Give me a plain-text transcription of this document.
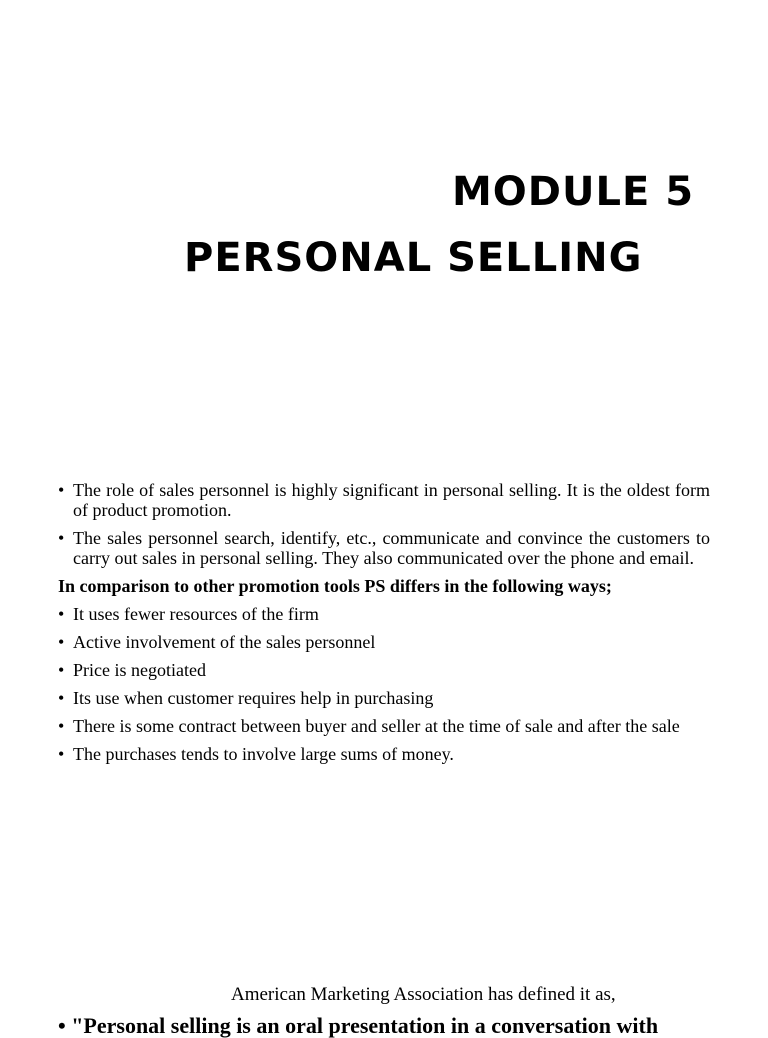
MODULE 5
PERSONAL SELLING
• The role of sales personnel is highly significant in personal selling. It is the oldest form of product promotion.
• The sales personnel search, identify, etc., communicate and convince the customers to carry out sales in personal selling. They also communicated over the phone and email.
In comparison to other promotion tools PS differs in the following ways;
• It uses fewer resources of the firm
• Active involvement of the sales personnel
• Price is negotiated
• Its use when customer requires help in purchasing
• There is some contract between buyer and seller at the time of sale and after the sale
• The purchases tends to involve large sums of money.
American Marketing Association has defined it as,
• "Personal selling is an oral presentation in a conversation with
